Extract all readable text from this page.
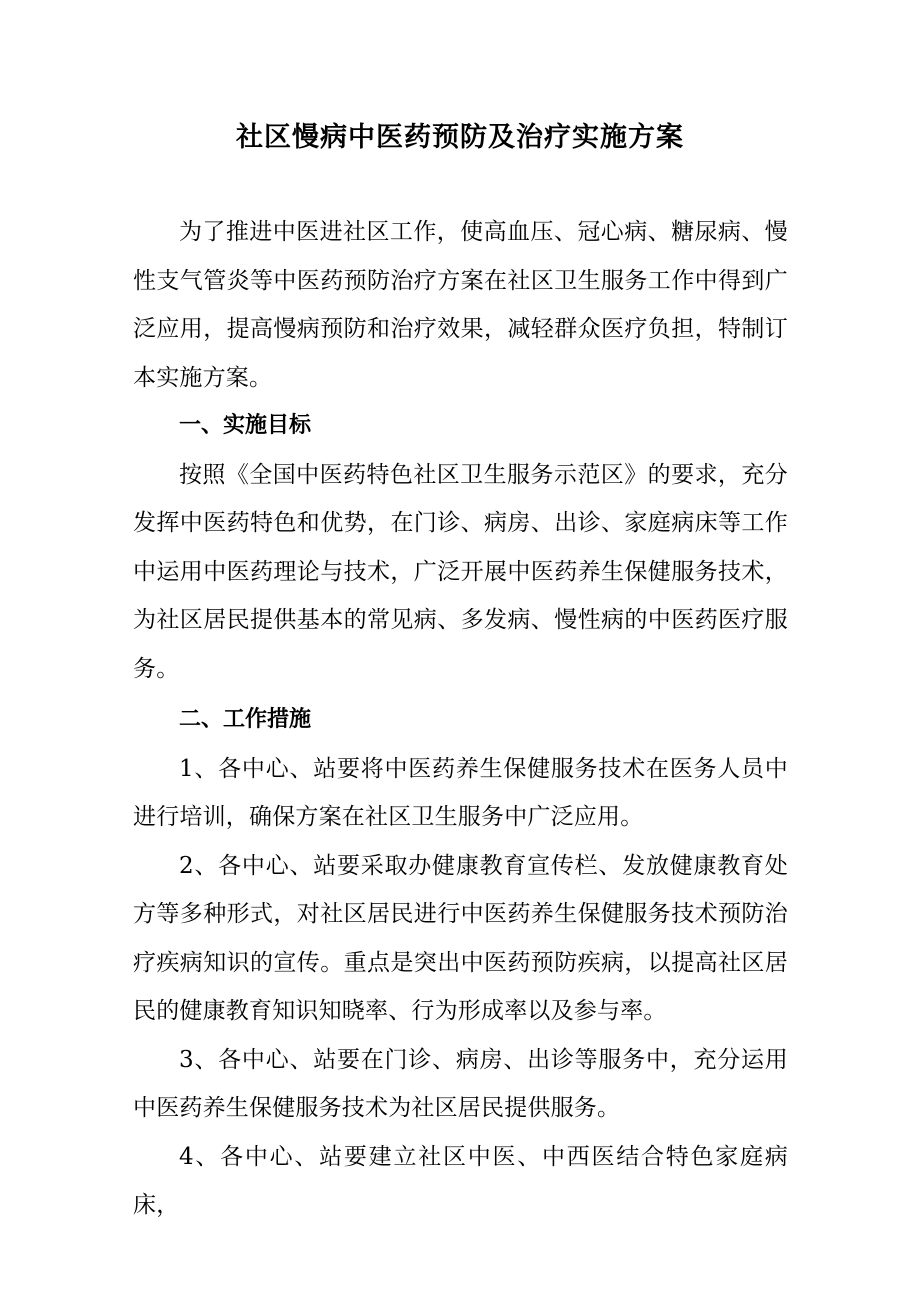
社区慢病中医药预防及治疗实施方案

为了推进中医进社区工作，使高血压、冠心病、糖尿病、慢性支气管炎等中医药预防治疗方案在社区卫生服务工作中得到广泛应用，提高慢病预防和治疗效果，减轻群众医疗负担，特制订本实施方案。

一、实施目标

按照《全国中医药特色社区卫生服务示范区》的要求，充分发挥中医药特色和优势，在门诊、病房、出诊、家庭病床等工作中运用中医药理论与技术，广泛开展中医药养生保健服务技术，为社区居民提供基本的常见病、多发病、慢性病的中医药医疗服务。

二、工作措施

1、各中心、站要将中医药养生保健服务技术在医务人员中进行培训，确保方案在社区卫生服务中广泛应用。

2、各中心、站要采取办健康教育宣传栏、发放健康教育处方等多种形式，对社区居民进行中医药养生保健服务技术预防治疗疾病知识的宣传。重点是突出中医药预防疾病，以提高社区居民的健康教育知识知晓率、行为形成率以及参与率。

3、各中心、站要在门诊、病房、出诊等服务中，充分运用中医药养生保健服务技术为社区居民提供服务。

4、各中心、站要建立社区中医、中西医结合特色家庭病床，
